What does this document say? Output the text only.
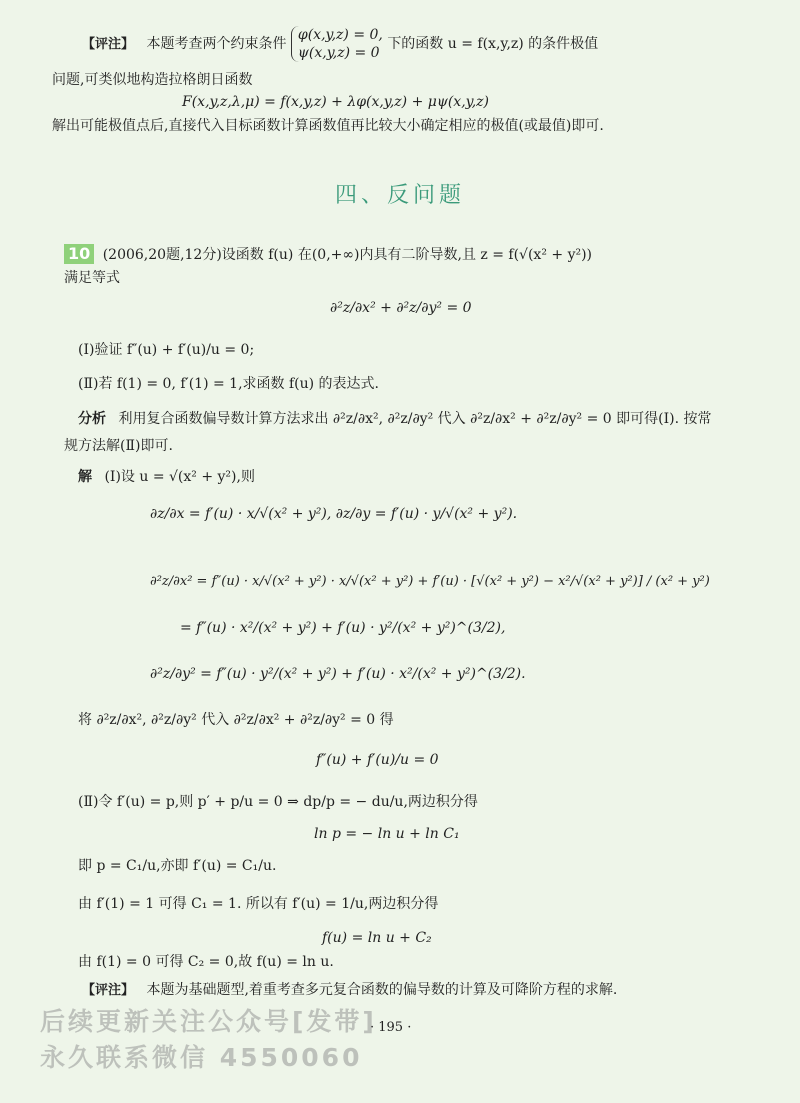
【评注】 本题考查两个约束条件
φ(x,y,z) = 0,
ψ(x,y,z) = 0
下的函数 u = f(x,y,z) 的条件极值
问题,可类似地构造拉格朗日函数
F(x,y,z,λ,μ) = f(x,y,z) + λφ(x,y,z) + μψ(x,y,z)
解出可能极值点后,直接代入目标函数计算函数值再比较大小确定相应的极值(或最值)即可.
四、反问题
10 (2006,20题,12分)设函数 f(u) 在(0,+∞)内具有二阶导数,且 z = f(√(x² + y²))
满足等式
∂²z/∂x² + ∂²z/∂y² = 0
(Ⅰ)验证 f″(u) + f′(u)/u = 0;
(Ⅱ)若 f(1) = 0, f′(1) = 1,求函数 f(u) 的表达式.
分析 利用复合函数偏导数计算方法求出 ∂²z/∂x², ∂²z/∂y² 代入 ∂²z/∂x² + ∂²z/∂y² = 0 即可得(Ⅰ). 按常
规方法解(Ⅱ)即可.
解 (Ⅰ)设 u = √(x² + y²),则
∂z/∂x = f′(u) · x/√(x² + y²), ∂z/∂y = f′(u) · y/√(x² + y²).
∂²z/∂x² = f″(u) · x/√(x² + y²) · x/√(x² + y²) + f′(u) · [√(x² + y²) − x²/√(x² + y²)] / (x² + y²)
= f″(u) · x²/(x² + y²) + f′(u) · y²/(x² + y²)^(3/2),
∂²z/∂y² = f″(u) · y²/(x² + y²) + f′(u) · x²/(x² + y²)^(3/2).
将 ∂²z/∂x², ∂²z/∂y² 代入 ∂²z/∂x² + ∂²z/∂y² = 0 得
f″(u) + f′(u)/u = 0
(Ⅱ)令 f′(u) = p,则 p′ + p/u = 0 ⇒ dp/p = − du/u,两边积分得
ln p = − ln u + ln C₁
即 p = C₁/u,亦即 f′(u) = C₁/u.
由 f′(1) = 1 可得 C₁ = 1. 所以有 f′(u) = 1/u,两边积分得
f(u) = ln u + C₂
由 f(1) = 0 可得 C₂ = 0,故 f(u) = ln u.
【评注】 本题为基础题型,着重考查多元复合函数的偏导数的计算及可降阶方程的求解.
· 195 ·
后续更新关注公众号[发带]
永久联系微信 4550060
